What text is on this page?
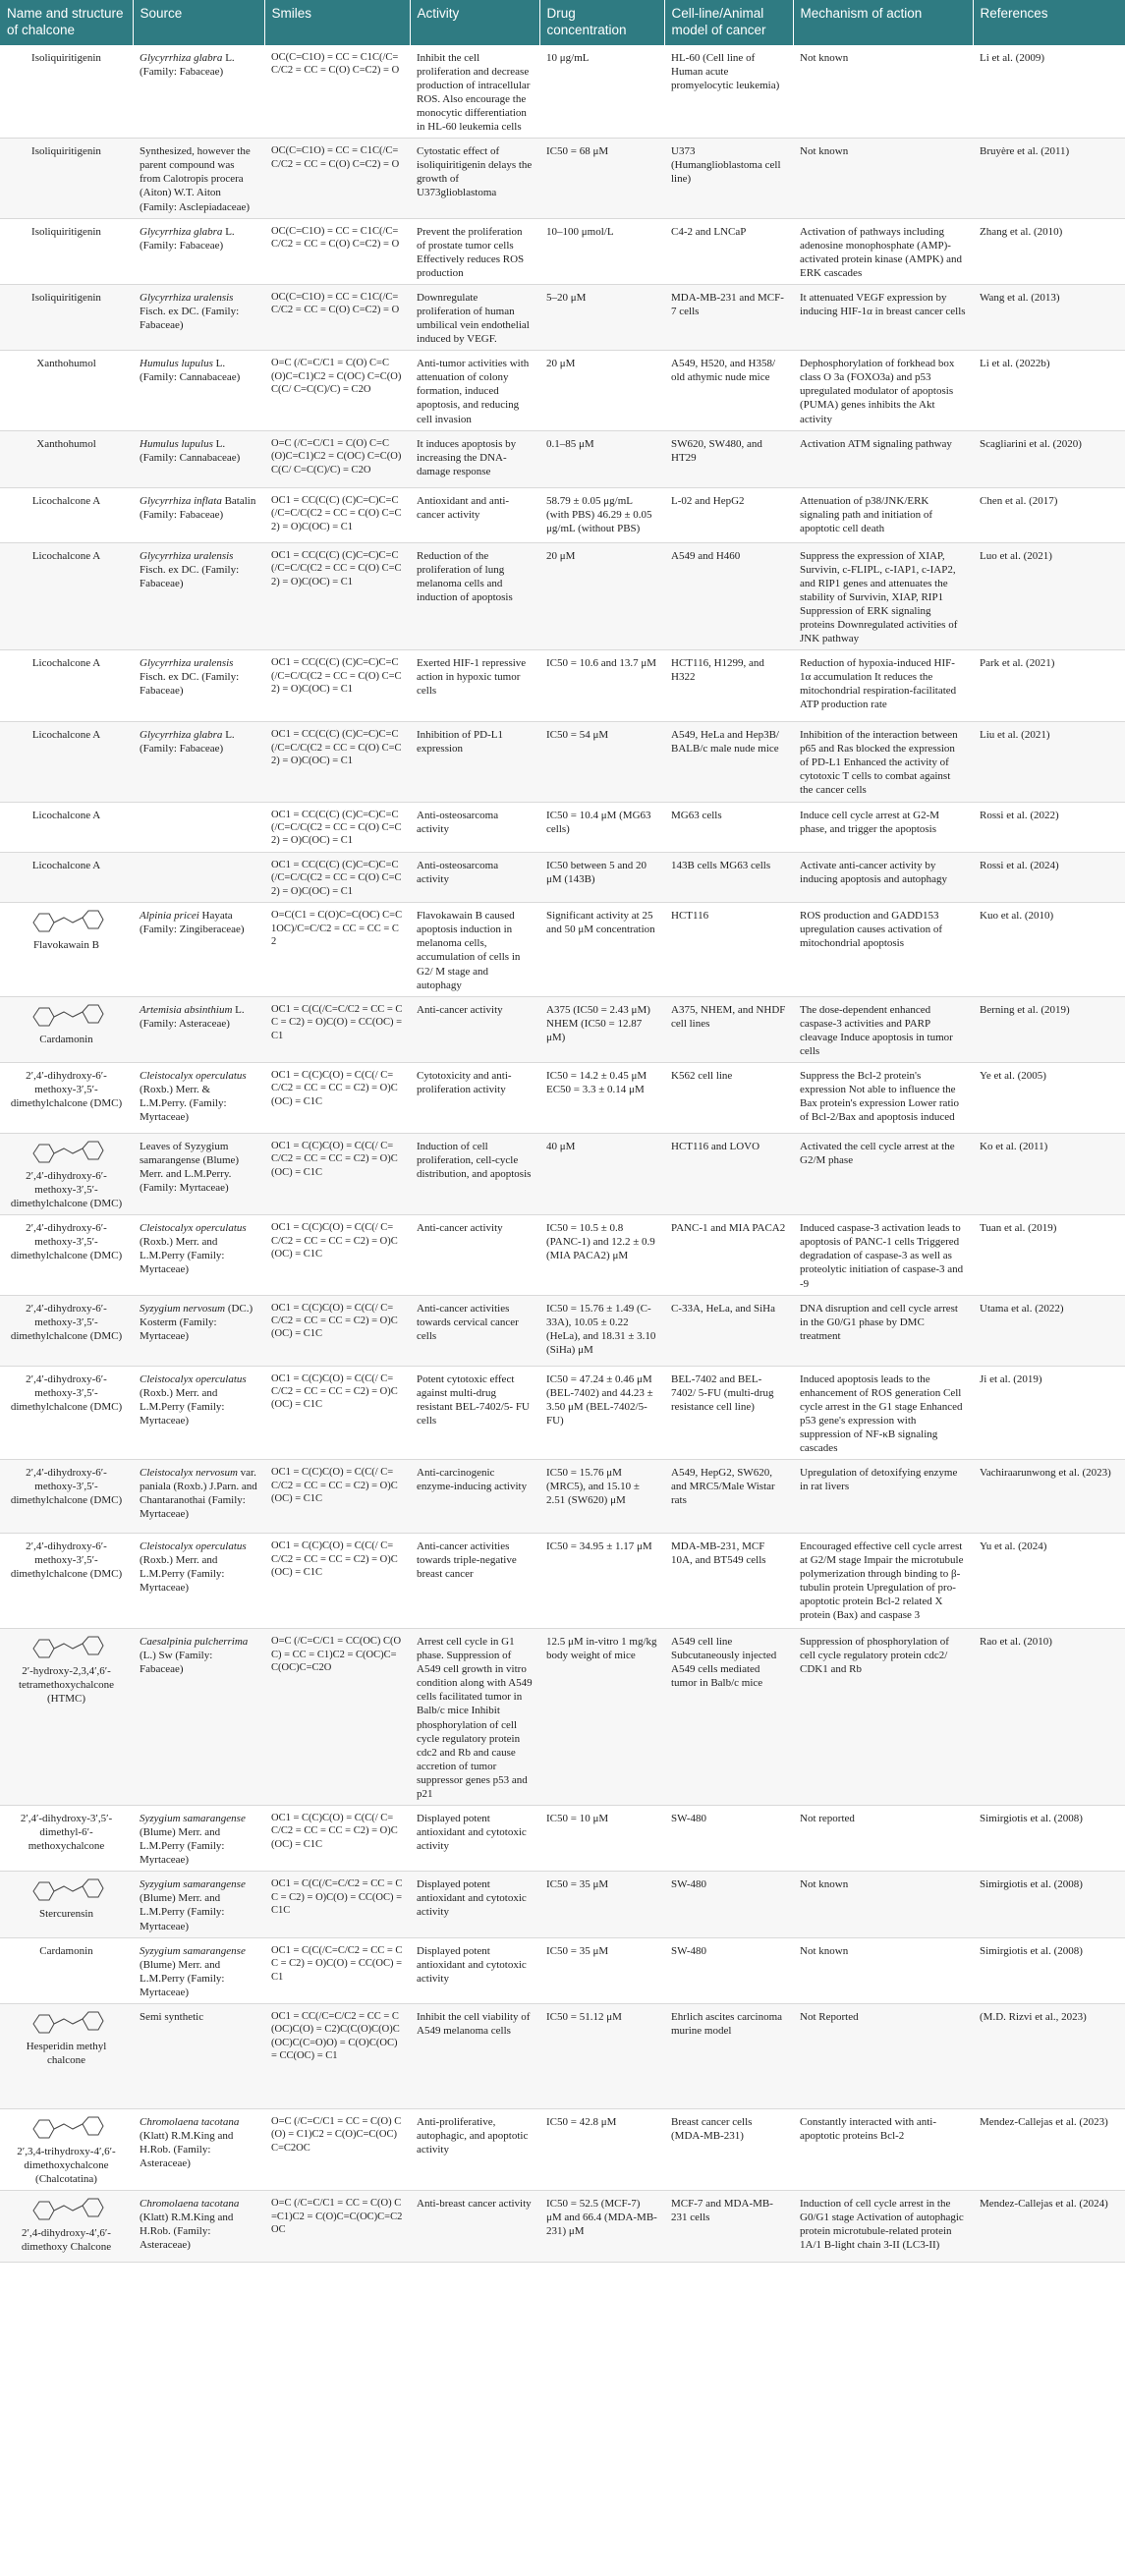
Name and structure of chalcone	Source	Smiles	Activity	Drug concentration	Cell-line/Animal model of cancer	Mechanism of action	References
Isoliquiritigenin	Glycyrrhiza glabra L. (Family: Fabaceae)	OC(C=C1O) = CC = C1C(/C=C/C2 = CC = C(O) C=C2) = O	Inhibit the cell proliferation and decrease production of intracellular ROS. Also encourage the monocytic differentiation in HL-60 leukemia cells	10 μg/mL	HL-60 (Cell line of Human acute promyelocytic leukemia)	Not known	Li et al. (2009)
Isoliquiritigenin	Synthesized, however the parent compound was from Calotropis procera (Aiton) W.T. Aiton (Family: Asclepiadaceae)	OC(C=C1O) = CC = C1C(/C=C/C2 = CC = C(O) C=C2) = O	Cytostatic effect of isoliquiritigenin delays the growth of U373glioblastoma	IC50 = 68 μM	U373 (Humanglioblastoma cell line)	Not known	Bruyère et al. (2011)
Isoliquiritigenin	Glycyrrhiza glabra L. (Family: Fabaceae)	OC(C=C1O) = CC = C1C(/C=C/C2 = CC = C(O) C=C2) = O	Prevent the proliferation of prostate tumor cells Effectively reduces ROS production	10–100 μmol/L	C4-2 and LNCaP	Activation of pathways including adenosine monophosphate (AMP)-activated protein kinase (AMPK) and ERK cascades	Zhang et al. (2010)
Isoliquiritigenin	Glycyrrhiza uralensis Fisch. ex DC. (Family: Fabaceae)	OC(C=C1O) = CC = C1C(/C=C/C2 = CC = C(O) C=C2) = O	Downregulate proliferation of human umbilical vein endothelial induced by VEGF.	5–20 μM	MDA-MB-231 and MCF-7 cells	It attenuated VEGF expression by inducing HIF-1α in breast cancer cells	Wang et al. (2013)
Xanthohumol	Humulus lupulus L. (Family: Cannabaceae)	O=C (/C=C/C1 = C(O) C=C(O)C=C1)C2 = C(OC) C=C(O)C(C/ C=C(C)/C) = C2O	Anti-tumor activities with attenuation of colony formation, induced apoptosis, and reducing cell invasion	20 μM	A549, H520, and H358/ old athymic nude mice	Dephosphorylation of forkhead box class O 3a (FOXO3a) and p53 upregulated modulator of apoptosis (PUMA) genes inhibits the Akt activity	Li et al. (2022b)
Xanthohumol	Humulus lupulus L. (Family: Cannabaceae)	O=C (/C=C/C1 = C(O) C=C(O)C=C1)C2 = C(OC) C=C(O)C(C/ C=C(C)/C) = C2O	It induces apoptosis by increasing the DNA-damage response	0.1–85 μM	SW620, SW480, and HT29	Activation ATM signaling pathway	Scagliarini et al. (2020)
Licochalcone A	Glycyrrhiza inflata Batalin (Family: Fabaceae)	OC1 = CC(C(C) (C)C=C)C=C(/C=C/C(C2 = CC = C(O) C=C2) = O)C(OC) = C1	Antioxidant and anti-cancer activity	58.79 ± 0.05 μg/mL (with PBS) 46.29 ± 0.05 μg/mL (without PBS)	L-02 and HepG2	Attenuation of p38/JNK/ERK signaling path and initiation of apoptotic cell death	Chen et al. (2017)
Licochalcone A	Glycyrrhiza uralensis Fisch. ex DC. (Family: Fabaceae)	OC1 = CC(C(C) (C)C=C)C=C(/C=C/C(C2 = CC = C(O) C=C2) = O)C(OC) = C1	Reduction of the proliferation of lung melanoma cells and induction of apoptosis	20 μM	A549 and H460	Suppress the expression of XIAP, Survivin, c-FLIPL, c-IAP1, c-IAP2, and RIP1 genes and attenuates the stability of Survivin, XIAP, RIP1 Suppression of ERK signaling proteins Downregulated activities of JNK pathway	Luo et al. (2021)
Licochalcone A	Glycyrrhiza uralensis Fisch. ex DC. (Family: Fabaceae)	OC1 = CC(C(C) (C)C=C)C=C(/C=C/C(C2 = CC = C(O) C=C2) = O)C(OC) = C1	Exerted HIF-1 repressive action in hypoxic tumor cells	IC50 = 10.6 and 13.7 μM	HCT116, H1299, and H322	Reduction of hypoxia-induced HIF-1α accumulation It reduces the mitochondrial respiration-facilitated ATP production rate	Park et al. (2021)
Licochalcone A	Glycyrrhiza glabra L. (Family: Fabaceae)	OC1 = CC(C(C) (C)C=C)C=C(/C=C/C(C2 = CC = C(O) C=C2) = O)C(OC) = C1	Inhibition of PD-L1 expression	IC50 = 54 μM	A549, HeLa and Hep3B/ BALB/c male nude mice	Inhibition of the interaction between p65 and Ras blocked the expression of PD-L1 Enhanced the activity of cytotoxic T cells to combat against the cancer cells	Liu et al. (2021)
Licochalcone A		OC1 = CC(C(C) (C)C=C)C=C(/C=C/C(C2 = CC = C(O) C=C2) = O)C(OC) = C1	Anti-osteosarcoma activity	IC50 = 10.4 μM (MG63 cells)	MG63 cells	Induce cell cycle arrest at G2-M phase, and trigger the apoptosis	Rossi et al. (2022)
Licochalcone A		OC1 = CC(C(C) (C)C=C)C=C(/C=C/C(C2 = CC = C(O) C=C2) = O)C(OC) = C1	Anti-osteosarcoma activity	IC50 between 5 and 20 μM (143B)	143B cells MG63 cells	Activate anti-cancer activity by inducing apoptosis and autophagy	Rossi et al. (2024)

Flavokawain B	Alpinia pricei Hayata (Family: Zingiberaceae)	O=C(C1 = C(O)C=C(OC) C=C1OC)/C=C/C2 = CC = CC = C2	Flavokawain B caused apoptosis induction in melanoma cells, accumulation of cells in G2/ M stage and autophagy	Significant activity at 25 and 50 μM concentration	HCT116	ROS production and GADD153 upregulation causes activation of mitochondrial apoptosis	Kuo et al. (2010)

Cardamonin	Artemisia absinthium L. (Family: Asteraceae)	OC1 = C(C(/C=C/C2 = CC = CC = C2) = O)C(O) = CC(OC) = C1	Anti-cancer activity	A375 (IC50 = 2.43 μM) NHEM (IC50 = 12.87 μM)	A375, NHEM, and NHDF cell lines	The dose-dependent enhanced caspase-3 activities and PARP cleavage Induce apoptosis in tumor cells	Berning et al. (2019)
2′,4′-dihydroxy-6′-methoxy-3′,5′-dimethylchalcone (DMC)	Cleistocalyx operculatus (Roxb.) Merr. & L.M.Perry. (Family: Myrtaceae)	OC1 = C(C)C(O) = C(C(/ C=C/C2 = CC = CC = C2) = O)C(OC) = C1C	Cytotoxicity and anti-proliferation activity	IC50 = 14.2 ± 0.45 μM EC50 = 3.3 ± 0.14 μM	K562 cell line	Suppress the Bcl-2 protein's expression Not able to influence the Bax protein's expression Lower ratio of Bcl-2/Bax and apoptosis induced	Ye et al. (2005)

2′,4′-dihydroxy-6′-methoxy-3′,5′-dimethylchalcone (DMC)	Leaves of Syzygium samarangense (Blume) Merr. and L.M.Perry. (Family: Myrtaceae)	OC1 = C(C)C(O) = C(C(/ C=C/C2 = CC = CC = C2) = O)C(OC) = C1C	Induction of cell proliferation, cell-cycle distribution, and apoptosis	40 μM	HCT116 and LOVO	Activated the cell cycle arrest at the G2/M phase	Ko et al. (2011)
2′,4′-dihydroxy-6′-methoxy-3′,5′-dimethylchalcone (DMC)	Cleistocalyx operculatus (Roxb.) Merr. and L.M.Perry (Family: Myrtaceae)	OC1 = C(C)C(O) = C(C(/ C=C/C2 = CC = CC = C2) = O)C(OC) = C1C	Anti-cancer activity	IC50 = 10.5 ± 0.8 (PANC-1) and 12.2 ± 0.9 (MIA PACA2) μM	PANC-1 and MIA PACA2	Induced caspase-3 activation leads to apoptosis of PANC-1 cells Triggered degradation of caspase-3 as well as proteolytic initiation of caspase-3 and -9	Tuan et al. (2019)
2′,4′-dihydroxy-6′-methoxy-3′,5′-dimethylchalcone (DMC)	Syzygium nervosum (DC.) Kosterm (Family: Myrtaceae)	OC1 = C(C)C(O) = C(C(/ C=C/C2 = CC = CC = C2) = O)C(OC) = C1C	Anti-cancer activities towards cervical cancer cells	IC50 = 15.76 ± 1.49 (C-33A), 10.05 ± 0.22 (HeLa), and 18.31 ± 3.10 (SiHa) μM	C-33A, HeLa, and SiHa	DNA disruption and cell cycle arrest in the G0/G1 phase by DMC treatment	Utama et al. (2022)
2′,4′-dihydroxy-6′-methoxy-3′,5′-dimethylchalcone (DMC)	Cleistocalyx operculatus (Roxb.) Merr. and L.M.Perry (Family: Myrtaceae)	OC1 = C(C)C(O) = C(C(/ C=C/C2 = CC = CC = C2) = O)C(OC) = C1C	Potent cytotoxic effect against multi-drug resistant BEL-7402/5- FU cells	IC50 = 47.24 ± 0.46 μM (BEL-7402) and 44.23 ± 3.50 μM (BEL-7402/5-FU)	BEL-7402 and BEL-7402/ 5-FU (multi-drug resistance cell line)	Induced apoptosis leads to the enhancement of ROS generation Cell cycle arrest in the G1 stage Enhanced p53 gene's expression with suppression of NF-κB signaling cascades	Ji et al. (2019)
2′,4′-dihydroxy-6′-methoxy-3′,5′-dimethylchalcone (DMC)	Cleistocalyx nervosum var. paniala (Roxb.) J.Parn. and Chantaranothai (Family: Myrtaceae)	OC1 = C(C)C(O) = C(C(/ C=C/C2 = CC = CC = C2) = O)C(OC) = C1C	Anti-carcinogenic enzyme-inducing activity	IC50 = 15.76 μM (MRC5), and 15.10 ± 2.51 (SW620) μM	A549, HepG2, SW620, and MRC5/Male Wistar rats	Upregulation of detoxifying enzyme in rat livers	Vachiraarunwong et al. (2023)
2′,4′-dihydroxy-6′-methoxy-3′,5′-dimethylchalcone (DMC)	Cleistocalyx operculatus (Roxb.) Merr. and L.M.Perry (Family: Myrtaceae)	OC1 = C(C)C(O) = C(C(/ C=C/C2 = CC = CC = C2) = O)C(OC) = C1C	Anti-cancer activities towards triple-negative breast cancer	IC50 = 34.95 ± 1.17 μM	MDA-MB-231, MCF 10A, and BT549 cells	Encouraged effective cell cycle arrest at G2/M stage Impair the microtubule polymerization through binding to β-tubulin protein Upregulation of pro-apoptotic protein Bcl-2 related X protein (Bax) and caspase 3	Yu et al. (2024)

2′-hydroxy-2,3,4′,6′-tetramethoxychalcone (HTMC)	Caesalpinia pulcherrima (L.) Sw (Family: Fabaceae)	O=C (/C=C/C1 = CC(OC) C(OC) = CC = C1)C2 = C(OC)C=C(OC)C=C2O	Arrest cell cycle in G1 phase. Suppression of A549 cell growth in vitro condition along with A549 cells facilitated tumor in Balb/c mice Inhibit phosphorylation of cell cycle regulatory protein cdc2 and Rb and cause accretion of tumor suppressor genes p53 and p21	12.5 μM in-vitro 1 mg/kg body weight of mice	A549 cell line Subcutaneously injected A549 cells mediated tumor in Balb/c mice	Suppression of phosphorylation of cell cycle regulatory protein cdc2/ CDK1 and Rb	Rao et al. (2010)
2′,4′-dihydroxy-3′,5′-dimethyl-6′-methoxychalcone	Syzygium samarangense (Blume) Merr. and L.M.Perry (Family: Myrtaceae)	OC1 = C(C)C(O) = C(C(/ C=C/C2 = CC = CC = C2) = O)C(OC) = C1C	Displayed potent antioxidant and cytotoxic activity	IC50 = 10 μM	SW-480	Not reported	Simirgiotis et al. (2008)

Stercurensin	Syzygium samarangense (Blume) Merr. and L.M.Perry (Family: Myrtaceae)	OC1 = C(C(/C=C/C2 = CC = CC = C2) = O)C(O) = CC(OC) = C1C	Displayed potent antioxidant and cytotoxic activity	IC50 = 35 μM	SW-480	Not known	Simirgiotis et al. (2008)
Cardamonin	Syzygium samarangense (Blume) Merr. and L.M.Perry (Family: Myrtaceae)	OC1 = C(C(/C=C/C2 = CC = CC = C2) = O)C(O) = CC(OC) = C1	Displayed potent antioxidant and cytotoxic activity	IC50 = 35 μM	SW-480	Not known	Simirgiotis et al. (2008)

Hesperidin methyl chalcone	Semi synthetic	OC1 = CC(/C=C/C2 = CC = C(OC)C(O) = C2)C(C(O)C(O)C(OC)C(C=O)O) = C(O)C(OC) = CC(OC) = C1	Inhibit the cell viability of A549 melanoma cells	IC50 = 51.12 μM	Ehrlich ascites carcinoma murine model	Not Reported	(M.D. Rizvi et al., 2023)

2′,3,4-trihydroxy-4′,6′-dimethoxychalcone (Chalcotatina)	Chromolaena tacotana (Klatt) R.M.King and H.Rob. (Family: Asteraceae)	O=C (/C=C/C1 = CC = C(O) C(O) = C1)C2 = C(O)C=C(OC)C=C2OC	Anti-proliferative, autophagic, and apoptotic activity	IC50 = 42.8 μM	Breast cancer cells (MDA-MB-231)	Constantly interacted with anti-apoptotic proteins Bcl-2	Mendez-Callejas et al. (2023)

2′,4-dihydroxy-4′,6′-dimethoxy Chalcone	Chromolaena tacotana (Klatt) R.M.King and H.Rob. (Family: Asteraceae)	O=C (/C=C/C1 = CC = C(O) C=C1)C2 = C(O)C=C(OC)C=C2OC	Anti-breast cancer activity	IC50 = 52.5 (MCF-7) μM and 66.4 (MDA-MB-231) μM	MCF-7 and MDA-MB-231 cells	Induction of cell cycle arrest in the G0/G1 stage Activation of autophagic protein microtubule-related protein 1A/1 B-light chain 3-II (LC3-II)	Mendez-Callejas et al. (2024)
